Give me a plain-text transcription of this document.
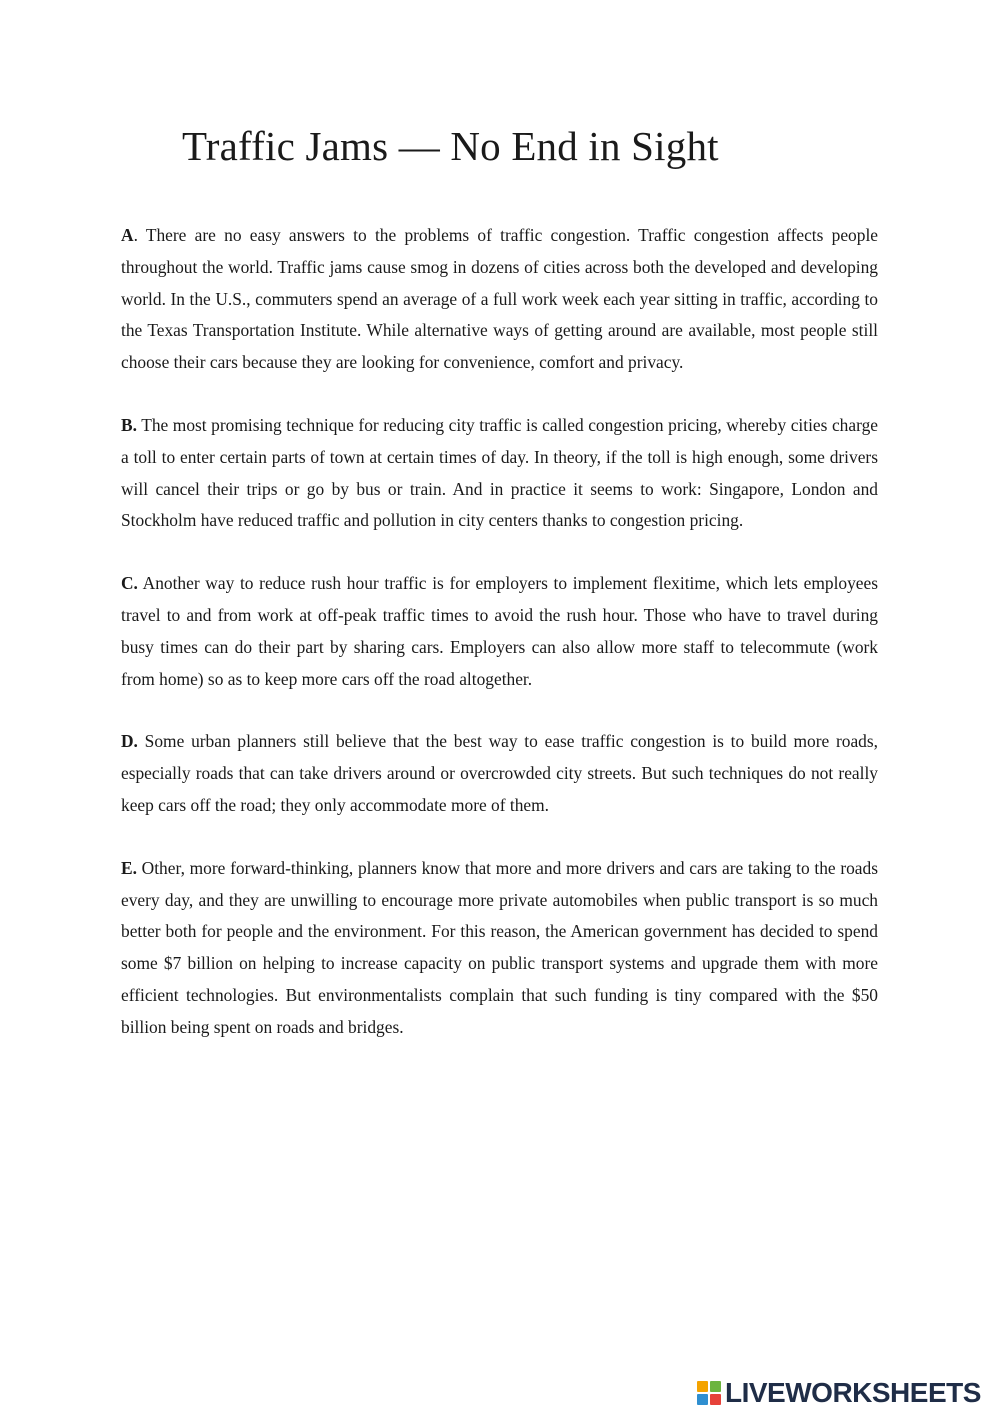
Traffic Jams — No End in Sight

A. There are no easy answers to the problems of traffic congestion. Traffic congestion affects people throughout the world. Traffic jams cause smog in dozens of cities across both the developed and developing world. In the U.S., commuters spend an average of a full work week each year sitting in traffic, according to the Texas Transportation Institute. While alternative ways of getting around are available, most people still choose their cars because they are looking for convenience, comfort and privacy.

B. The most promising technique for reducing city traffic is called congestion pricing, whereby cities charge a toll to enter certain parts of town at certain times of day. In theory, if the toll is high enough, some drivers will cancel their trips or go by bus or train. And in practice it seems to work: Singapore, London and Stockholm have reduced traffic and pollution in city centers thanks to congestion pricing.

C. Another way to reduce rush hour traffic is for employers to implement flexitime, which lets employees travel to and from work at off-peak traffic times to avoid the rush hour. Those who have to travel during busy times can do their part by sharing cars. Employers can also allow more staff to telecommute (work from home) so as to keep more cars off the road altogether.

D. Some urban planners still believe that the best way to ease traffic congestion is to build more roads, especially roads that can take drivers around or overcrowded city streets. But such techniques do not really keep cars off the road; they only accommodate more of them.

E. Other, more forward-thinking, planners know that more and more drivers and cars are taking to the roads every day, and they are unwilling to encourage more private automobiles when public transport is so much better both for people and the environment. For this reason, the American government has decided to spend some $7 billion on helping to increase capacity on public transport systems and upgrade them with more efficient technologies. But environmentalists complain that such funding is tiny compared with the $50 billion being spent on roads and bridges.

LIVEWORKSHEETS
